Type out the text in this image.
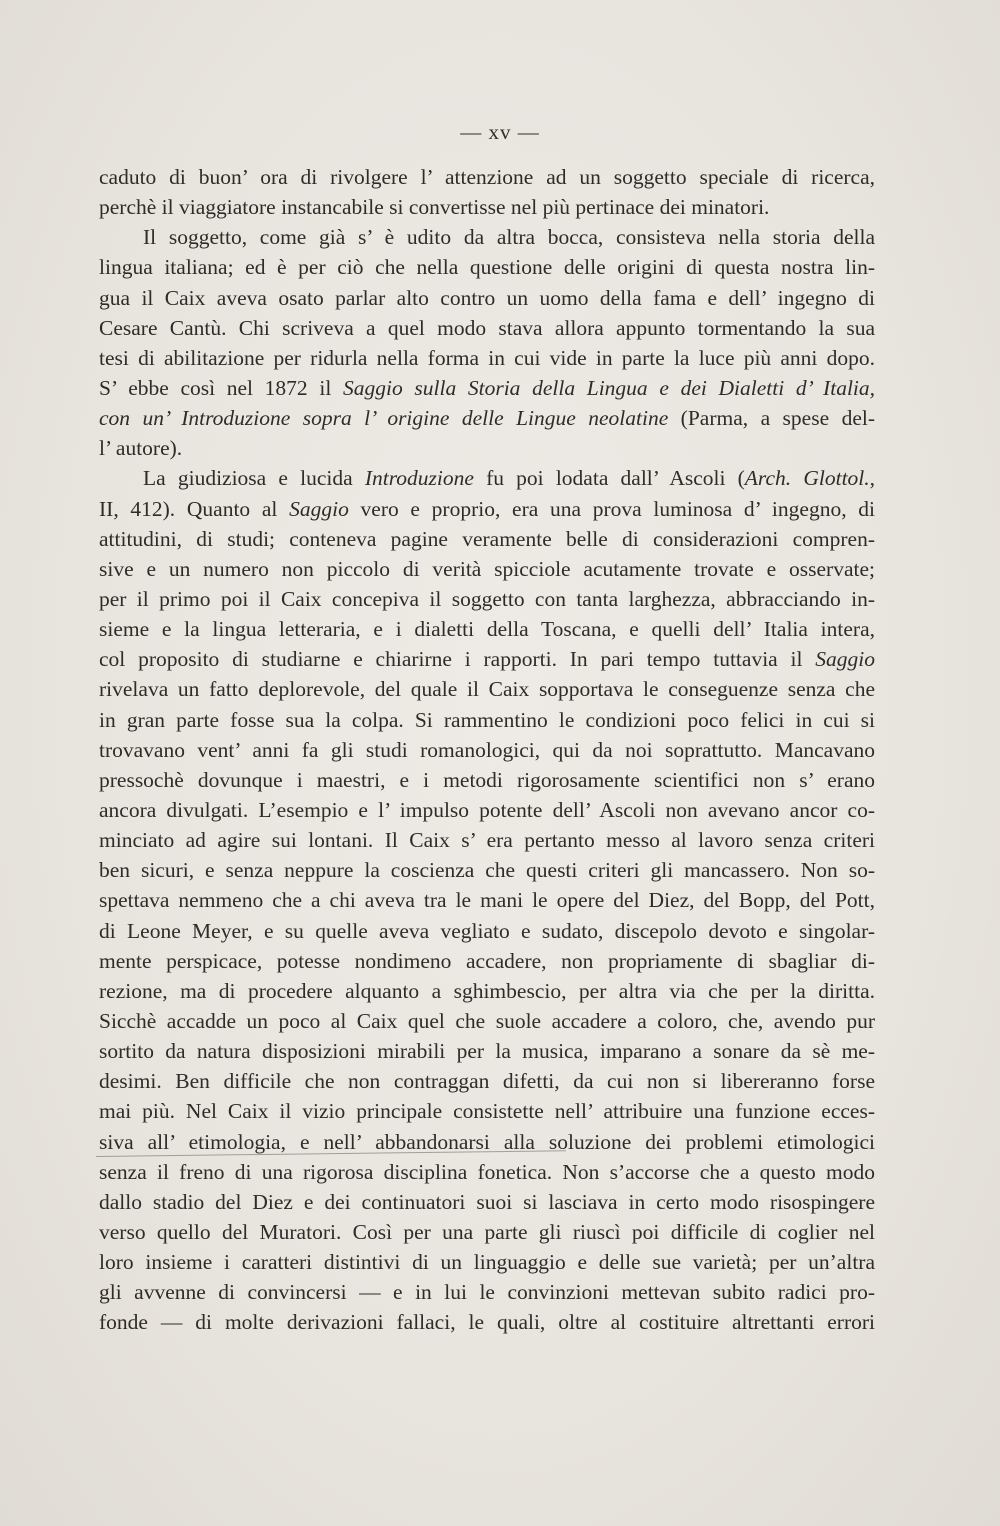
— xv —
caduto di buon’ ora di rivolgere l’ attenzione ad un soggetto speciale di ricerca,
perchè il viaggiatore instancabile si convertisse nel più pertinace dei minatori.
Il soggetto, come già s’ è udito da altra bocca, consisteva nella storia della
lingua italiana; ed è per ciò che nella questione delle origini di questa nostra lin-
gua il Caix aveva osato parlar alto contro un uomo della fama e dell’ ingegno di
Cesare Cantù. Chi scriveva a quel modo stava allora appunto tormentando la sua
tesi di abilitazione per ridurla nella forma in cui vide in parte la luce più anni dopo.
S’ ebbe così nel 1872 il Saggio sulla Storia della Lingua e dei Dialetti d’ Italia,
con un’ Introduzione sopra l’ origine delle Lingue neolatine (Parma, a spese del-
l’ autore).
La giudiziosa e lucida Introduzione fu poi lodata dall’ Ascoli (Arch. Glottol.,
II, 412). Quanto al Saggio vero e proprio, era una prova luminosa d’ ingegno, di
attitudini, di studi; conteneva pagine veramente belle di considerazioni compren-
sive e un numero non piccolo di verità spicciole acutamente trovate e osservate;
per il primo poi il Caix concepiva il soggetto con tanta larghezza, abbracciando in-
sieme e la lingua letteraria, e i dialetti della Toscana, e quelli dell’ Italia intera,
col proposito di studiarne e chiarirne i rapporti. In pari tempo tuttavia il Saggio
rivelava un fatto deplorevole, del quale il Caix sopportava le conseguenze senza che
in gran parte fosse sua la colpa. Si rammentino le condizioni poco felici in cui si
trovavano vent’ anni fa gli studi romanologici, qui da noi soprattutto. Mancavano
pressochè dovunque i maestri, e i metodi rigorosamente scientifici non s’ erano
ancora divulgati. L’esempio e l’ impulso potente dell’ Ascoli non avevano ancor co-
minciato ad agire sui lontani. Il Caix s’ era pertanto messo al lavoro senza criteri
ben sicuri, e senza neppure la coscienza che questi criteri gli mancassero. Non so-
spettava nemmeno che a chi aveva tra le mani le opere del Diez, del Bopp, del Pott,
di Leone Meyer, e su quelle aveva vegliato e sudato, discepolo devoto e singolar-
mente perspicace, potesse nondimeno accadere, non propriamente di sbagliar di-
rezione, ma di procedere alquanto a sghimbescio, per altra via che per la diritta.
Sicchè accadde un poco al Caix quel che suole accadere a coloro, che, avendo pur
sortito da natura disposizioni mirabili per la musica, imparano a sonare da sè me-
desimi. Ben difficile che non contraggan difetti, da cui non si libereranno forse
mai più. Nel Caix il vizio principale consistette nell’ attribuire una funzione ecces-
siva all’ etimologia, e nell’ abbandonarsi alla soluzione dei problemi etimologici
senza il freno di una rigorosa disciplina fonetica. Non s’accorse che a questo modo
dallo stadio del Diez e dei continuatori suoi si lasciava in certo modo risospingere
verso quello del Muratori. Così per una parte gli riuscì poi difficile di coglier nel
loro insieme i caratteri distintivi di un linguaggio e delle sue varietà; per un’altra
gli avvenne di convincersi — e in lui le convinzioni mettevan subito radici pro-
fonde — di molte derivazioni fallaci, le quali, oltre al costituire altrettanti errori
